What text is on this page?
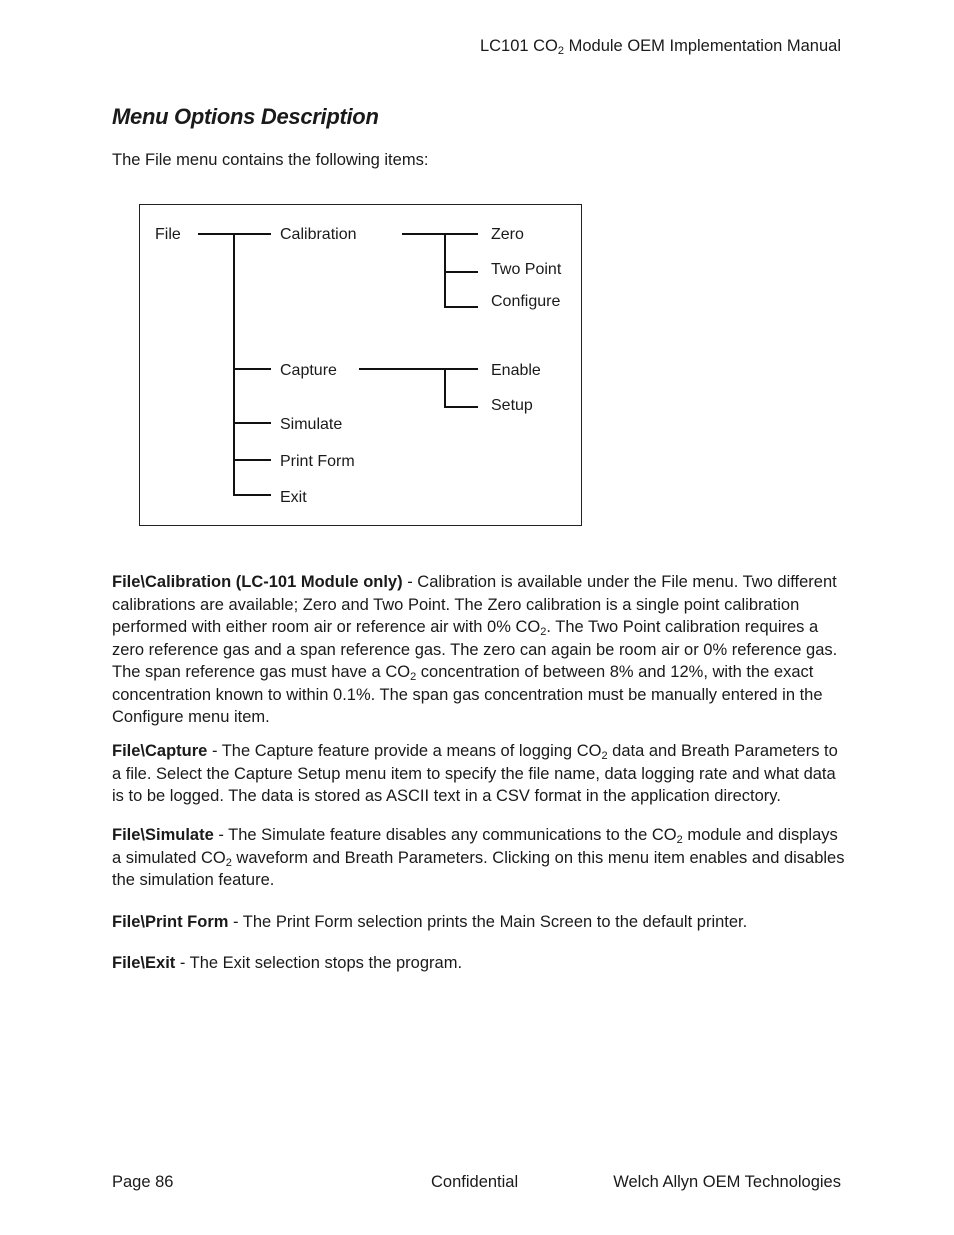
LC101 $CO_2$ Module OEM Implementation Manual
Menu Options Description
The File menu contains the following items:
File	Calibration
Capture
Simulate
Print Form
Exit
Zero
Two Point
Configure
Enable
Setup
File\Calibration (LC-101 Module only) - Calibration is available under the File menu. Two different calibrations are available; Zero and Two Point. The Zero calibration is a single point calibration performed with either room air or reference air with 0% $CO_2$. The Two Point calibration requires a zero reference gas and a span reference gas. The zero can again be room air or 0% reference gas. The span reference gas must have a $CO_2$ concentration of between 8% and 12%, with the exact concentration known to within 0.1%. The span gas concentration must be manually entered in the Configure menu item.
File\Capture - The Capture feature provide a means of logging $CO_2$ data and Breath Parameters to a file. Select the Capture Setup menu item to specify the file name, data logging rate and what data is to be logged. The data is stored as ASCII text in a CSV format in the application directory.
File\Simulate - The Simulate feature disables any communications to the $CO_2$ module and displays a simulated $CO_2$ waveform and Breath Parameters. Clicking on this menu item enables and disables the simulation feature.
File\Print Form - The Print Form selection prints the Main Screen to the default printer.
File\Exit - The Exit selection stops the program.
Page 86	Confidential	Welch Allyn OEM Technologies
